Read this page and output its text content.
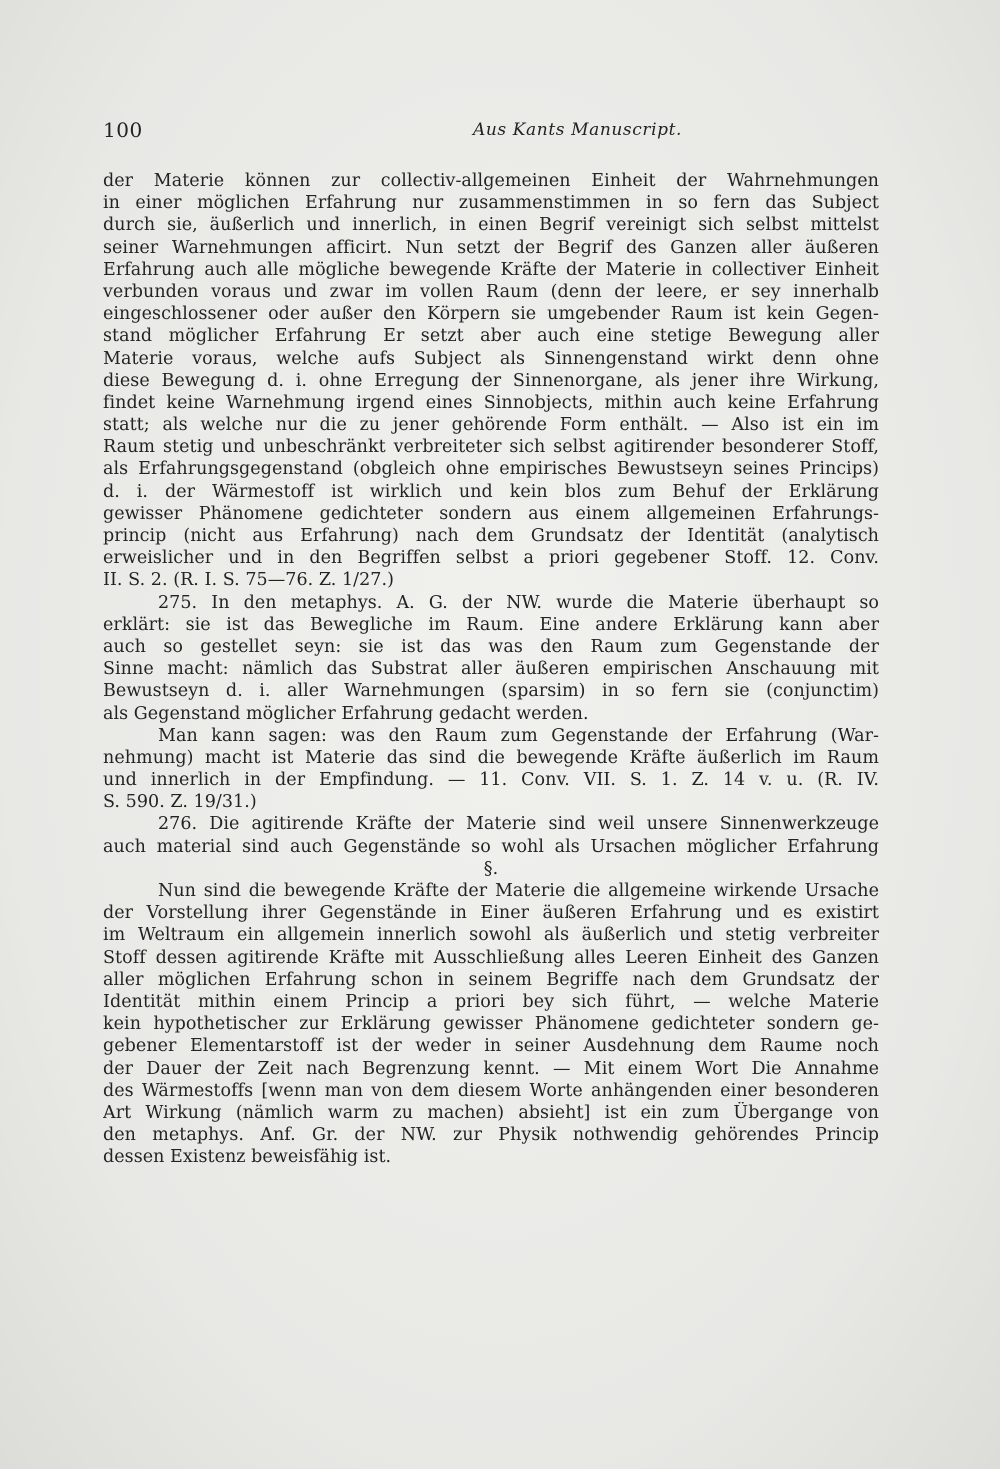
100	Aus Kants Manuscript.
der Materie können zur collectiv-allgemeinen Einheit der Wahrnehmungen
in einer möglichen Erfahrung nur zusammenstimmen in so fern das Subject
durch sie, äußerlich und innerlich, in einen Begrif vereinigt sich selbst mittelst
seiner Warnehmungen afficirt. Nun setzt der Begrif des Ganzen aller äußeren
Erfahrung auch alle mögliche bewegende Kräfte der Materie in collectiver Einheit
verbunden voraus und zwar im vollen Raum (denn der leere, er sey innerhalb
eingeschlossener oder außer den Körpern sie umgebender Raum ist kein Gegen-
stand möglicher Erfahrung Er setzt aber auch eine stetige Bewegung aller
Materie voraus, welche aufs Subject als Sinnengenstand wirkt denn ohne
diese Bewegung d. i. ohne Erregung der Sinnenorgane, als jener ihre Wirkung,
findet keine Warnehmung irgend eines Sinnobjects, mithin auch keine Erfahrung
statt; als welche nur die zu jener gehörende Form enthält. — Also ist ein im
Raum stetig und unbeschränkt verbreiteter sich selbst agitirender besonderer Stoff,
als Erfahrungsgegenstand (obgleich ohne empirisches Bewustseyn seines Princips)
d. i. der Wärmestoff ist wirklich und kein blos zum Behuf der Erklärung
gewisser Phänomene gedichteter sondern aus einem allgemeinen Erfahrungs-
princip (nicht aus Erfahrung) nach dem Grundsatz der Identität (analytisch
erweislicher und in den Begriffen selbst a priori gegebener Stoff. 12. Conv.
II. S. 2. (R. I. S. 75—76. Z. 1/27.)
275. In den metaphys. A. G. der NW. wurde die Materie überhaupt so
erklärt: sie ist das Bewegliche im Raum. Eine andere Erklärung kann aber
auch so gestellet seyn: sie ist das was den Raum zum Gegenstande der
Sinne macht: nämlich das Substrat aller äußeren empirischen Anschauung mit
Bewustseyn d. i. aller Warnehmungen (sparsim) in so fern sie (conjunctim)
als Gegenstand möglicher Erfahrung gedacht werden.
Man kann sagen: was den Raum zum Gegenstande der Erfahrung (War-
nehmung) macht ist Materie das sind die bewegende Kräfte äußerlich im Raum
und innerlich in der Empfindung. — 11. Conv. VII. S. 1. Z. 14 v. u. (R. IV.
S. 590. Z. 19/31.)
276. Die agitirende Kräfte der Materie sind weil unsere Sinnenwerkzeuge
auch material sind auch Gegenstände so wohl als Ursachen möglicher Erfahrung
§.
Nun sind die bewegende Kräfte der Materie die allgemeine wirkende Ursache
der Vorstellung ihrer Gegenstände in Einer äußeren Erfahrung und es existirt
im Weltraum ein allgemein innerlich sowohl als äußerlich und stetig verbreiter
Stoff dessen agitirende Kräfte mit Ausschließung alles Leeren Einheit des Ganzen
aller möglichen Erfahrung schon in seinem Begriffe nach dem Grundsatz der
Identität mithin einem Princip a priori bey sich führt, — welche Materie
kein hypothetischer zur Erklärung gewisser Phänomene gedichteter sondern ge-
gebener Elementarstoff ist der weder in seiner Ausdehnung dem Raume noch
der Dauer der Zeit nach Begrenzung kennt. — Mit einem Wort Die Annahme
des Wärmestoffs [wenn man von dem diesem Worte anhängenden einer besonderen
Art Wirkung (nämlich warm zu machen) absieht] ist ein zum Übergange von
den metaphys. Anf. Gr. der NW. zur Physik nothwendig gehörendes Princip
dessen Existenz beweisfähig ist.
